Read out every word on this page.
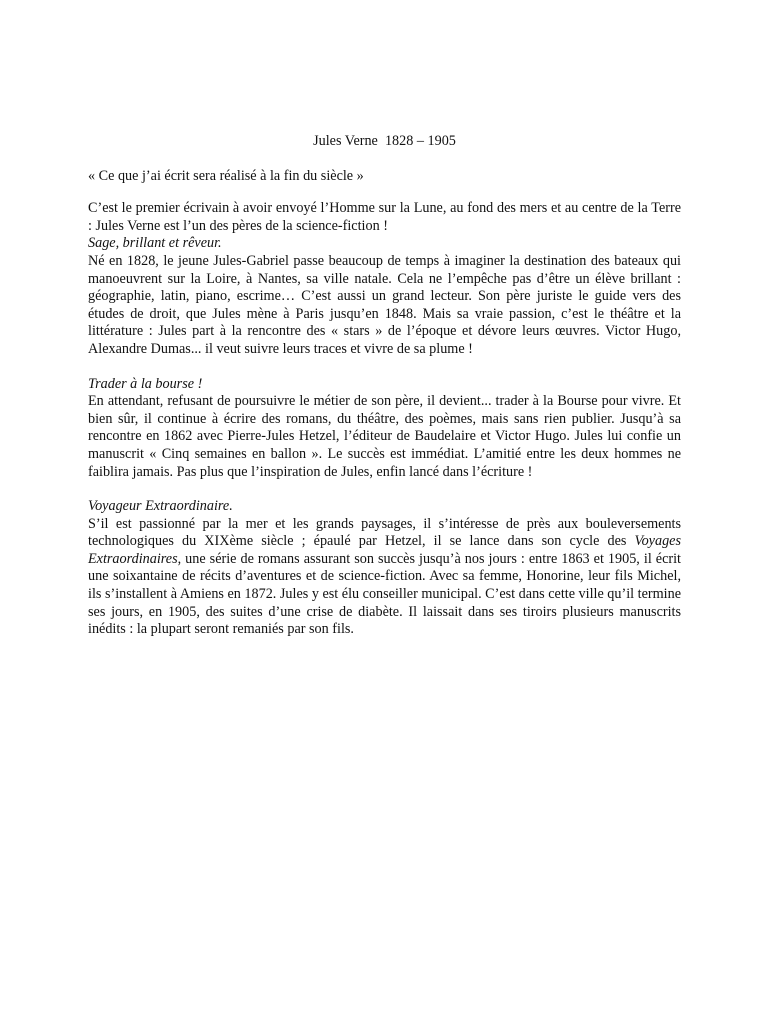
Jules Verne  1828 – 1905

« Ce que j’ai écrit sera réalisé à la fin du siècle »

C’est le premier écrivain à avoir envoyé l’Homme sur la Lune, au fond des mers et au centre de la Terre : Jules Verne est l’un des pères de la science-fiction !

Sage, brillant et rêveur.

Né en 1828, le jeune Jules-Gabriel passe beaucoup de temps à imaginer la destination des bateaux qui manoeuvrent sur la Loire, à Nantes, sa ville natale. Cela ne l’empêche pas d’être un élève brillant : géographie, latin, piano, escrime… C’est aussi un grand lecteur. Son père juriste le guide vers des études de droit, que Jules mène à Paris jusqu’en 1848. Mais sa vraie passion, c’est le théâtre et la littérature : Jules part à la rencontre des « stars » de l’époque et dévore leurs œuvres. Victor Hugo, Alexandre Dumas... il veut suivre leurs traces et vivre de sa plume !

Trader à la bourse !

En attendant, refusant de poursuivre le métier de son père, il devient... trader à la Bourse pour vivre. Et bien sûr, il continue à écrire des romans, du théâtre, des poèmes, mais sans rien publier. Jusqu’à sa rencontre en 1862 avec Pierre-Jules Hetzel, l’éditeur de Baudelaire et Victor Hugo. Jules lui confie un manuscrit « Cinq semaines en ballon ». Le succès est immédiat. L’amitié entre les deux hommes ne faiblira jamais. Pas plus que l’inspiration de Jules, enfin lancé dans l’écriture !

Voyageur Extraordinaire.

S’il est passionné par la mer et les grands paysages, il s’intéresse de près aux bouleversements technologiques du XIXème siècle ; épaulé par Hetzel, il se lance dans son cycle des Voyages Extraordinaires, une série de romans assurant son succès jusqu’à nos jours : entre 1863 et 1905, il écrit une soixantaine de récits d’aventures et de science-fiction. Avec sa femme, Honorine, leur fils Michel, ils s’installent à Amiens en 1872. Jules y est élu conseiller municipal. C’est dans cette ville qu’il termine ses jours, en 1905, des suites d’une crise de diabète. Il laissait dans ses tiroirs plusieurs manuscrits inédits : la plupart seront remaniés par son fils.
